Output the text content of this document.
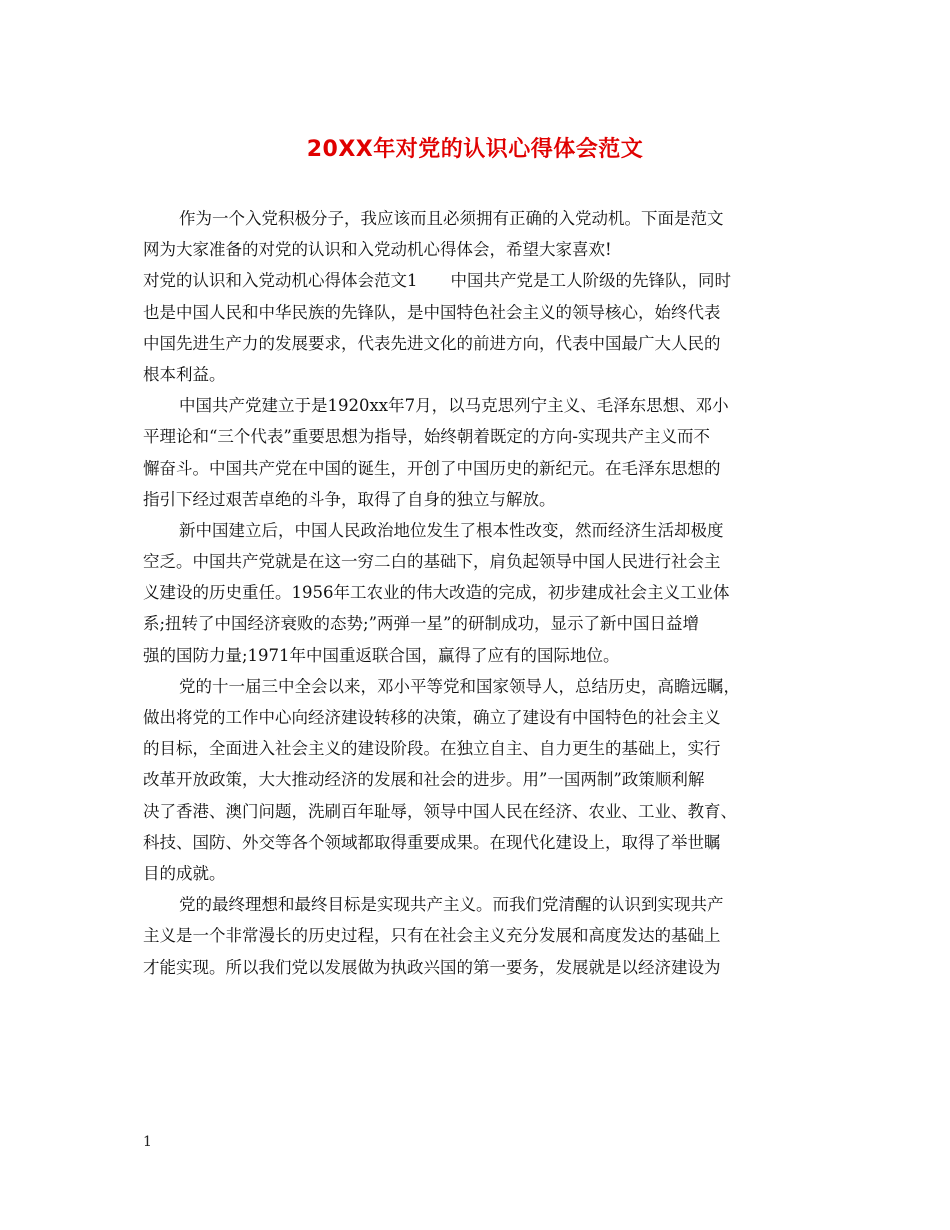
20XX年对党的认识心得体会范文
作为一个入党积极分子，我应该而且必须拥有正确的入党动机。下面是范文
网为大家准备的对党的认识和入党动机心得体会，希望大家喜欢!
对党的认识和入党动机心得体会范文1　　中国共产党是工人阶级的先锋队，同时
也是中国人民和中华民族的先锋队，是中国特色社会主义的领导核心，始终代表
中国先进生产力的发展要求，代表先进文化的前进方向，代表中国最广大人民的
根本利益。
中国共产党建立于是1920xx年7月，以马克思列宁主义、毛泽东思想、邓小
平理论和“三个代表”重要思想为指导，始终朝着既定的方向-实现共产主义而不
懈奋斗。中国共产党在中国的诞生，开创了中国历史的新纪元。在毛泽东思想的
指引下经过艰苦卓绝的斗争，取得了自身的独立与解放。
新中国建立后，中国人民政治地位发生了根本性改变，然而经济生活却极度
空乏。中国共产党就是在这一穷二白的基础下，肩负起领导中国人民进行社会主
义建设的历史重任。1956年工农业的伟大改造的完成，初步建成社会主义工业体
系;扭转了中国经济衰败的态势;”两弹一星”的研制成功，显示了新中国日益增
强的国防力量;1971年中国重返联合国，赢得了应有的国际地位。
党的十一届三中全会以来，邓小平等党和国家领导人，总结历史，高瞻远瞩，
做出将党的工作中心向经济建设转移的决策，确立了建设有中国特色的社会主义
的目标，全面进入社会主义的建设阶段。在独立自主、自力更生的基础上，实行
改革开放政策，大大推动经济的发展和社会的进步。用”一国两制”政策顺利解
决了香港、澳门问题，洗刷百年耻辱，领导中国人民在经济、农业、工业、教育、
科技、国防、外交等各个领域都取得重要成果。在现代化建设上，取得了举世瞩
目的成就。
党的最终理想和最终目标是实现共产主义。而我们党清醒的认识到实现共产
主义是一个非常漫长的历史过程，只有在社会主义充分发展和高度发达的基础上
才能实现。所以我们党以发展做为执政兴国的第一要务，发展就是以经济建设为
1
